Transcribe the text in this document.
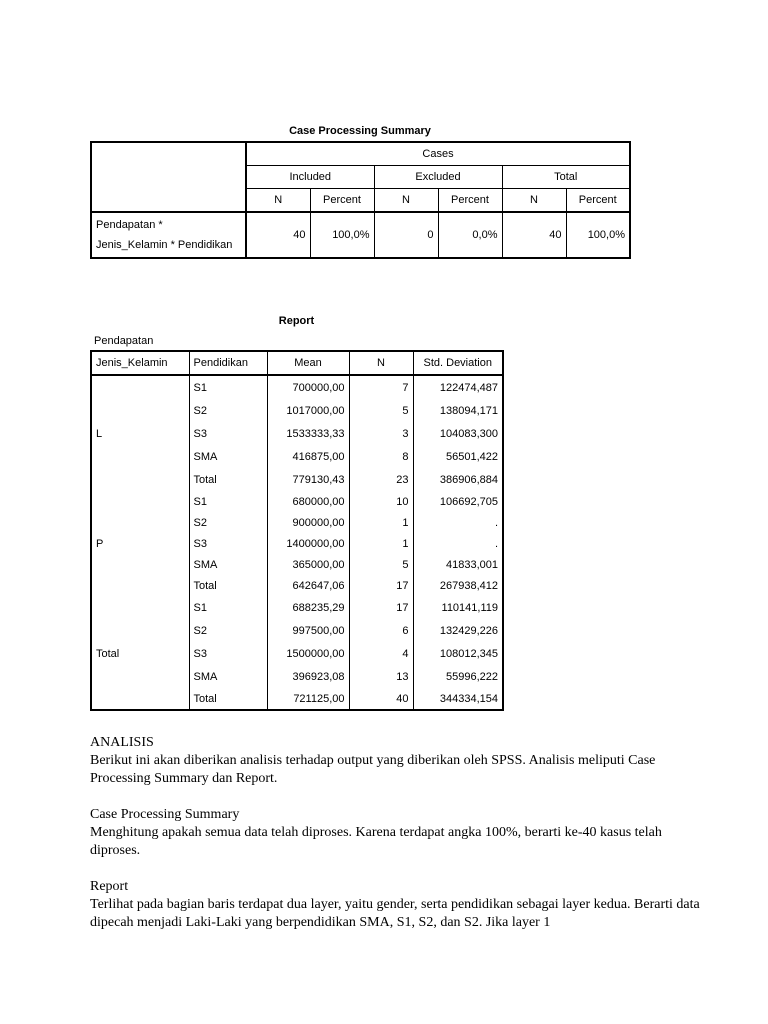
Case Processing Summary
	Cases					
	Included		Excluded		Total	
	N	Percent	N	Percent	N	Percent

Pendapatan *
Jenis_Kelamin * Pendidikan	40	100,0%	0	0,0%	40	100,0%
Report
Pendapatan
Jenis_Kelamin	Pendidikan	Mean	N	Std. Deviation
	S1	700000,00	7	122474,487
	S2	1017000,00	5	138094,171
L	S3	1533333,33	3	104083,300
	SMA	416875,00	8	56501,422
	Total	779130,43	23	386906,884
	S1	680000,00	10	106692,705
	S2	900000,00	1	.
P	S3	1400000,00	1	.
	SMA	365000,00	5	41833,001
	Total	642647,06	17	267938,412
	S1	688235,29	17	110141,119
	S2	997500,00	6	132429,226
Total	S3	1500000,00	4	108012,345
	SMA	396923,08	13	55996,222
	Total	721125,00	40	344334,154

ANALISIS

Berikut ini akan diberikan analisis terhadap output yang diberikan oleh SPSS. Analisis meliputi Case Processing Summary dan Report.

Case Processing Summary

Menghitung apakah semua data telah diproses. Karena terdapat angka 100%, berarti ke-40 kasus telah diproses.

Report

Terlihat pada bagian baris terdapat dua layer, yaitu gender, serta pendidikan sebagai layer kedua. Berarti data dipecah menjadi Laki-Laki yang berpendidikan SMA, S1, S2, dan S2. Jika layer 1
